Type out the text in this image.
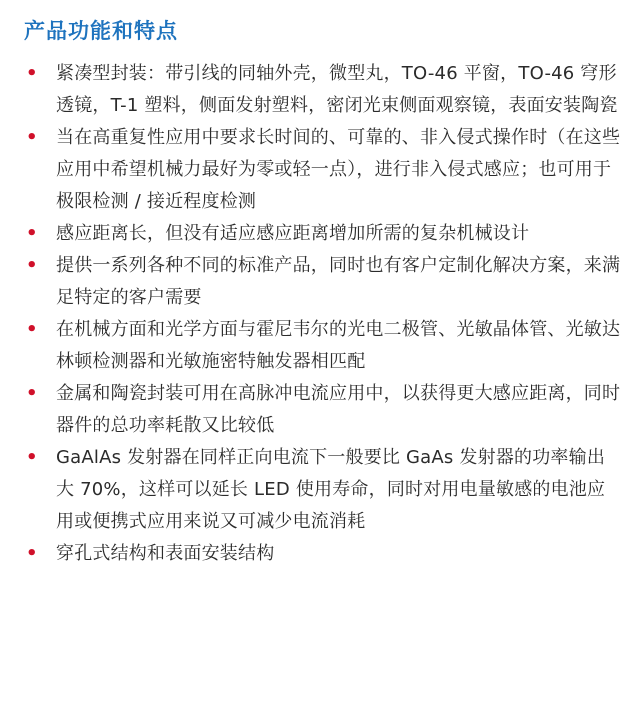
产品功能和特点
• 紧凑型封装：带引线的同轴外壳，微型丸，TO-46 平窗，TO-46 穹形透镜，T-1 塑料，侧面发射塑料，密闭光束侧面观察镜，表面安装陶瓷
• 当在高重复性应用中要求长时间的、可靠的、非入侵式操作时（在这些应用中希望机械力最好为零或轻一点），进行非入侵式感应；也可用于极限检测 / 接近程度检测
• 感应距离长，但没有适应感应距离增加所需的复杂机械设计
• 提供一系列各种不同的标准产品，同时也有客户定制化解决方案，来满足特定的客户需要
• 在机械方面和光学方面与霍尼韦尔的光电二极管、光敏晶体管、光敏达林顿检测器和光敏施密特触发器相匹配
• 金属和陶瓷封装可用在高脉冲电流应用中，以获得更大感应距离，同时器件的总功率耗散又比较低
• GaAlAs 发射器在同样正向电流下一般要比 GaAs 发射器的功率输出大 70%，这样可以延长 LED 使用寿命，同时对用电量敏感的电池应用或便携式应用来说又可减少电流消耗
• 穿孔式结构和表面安装结构
